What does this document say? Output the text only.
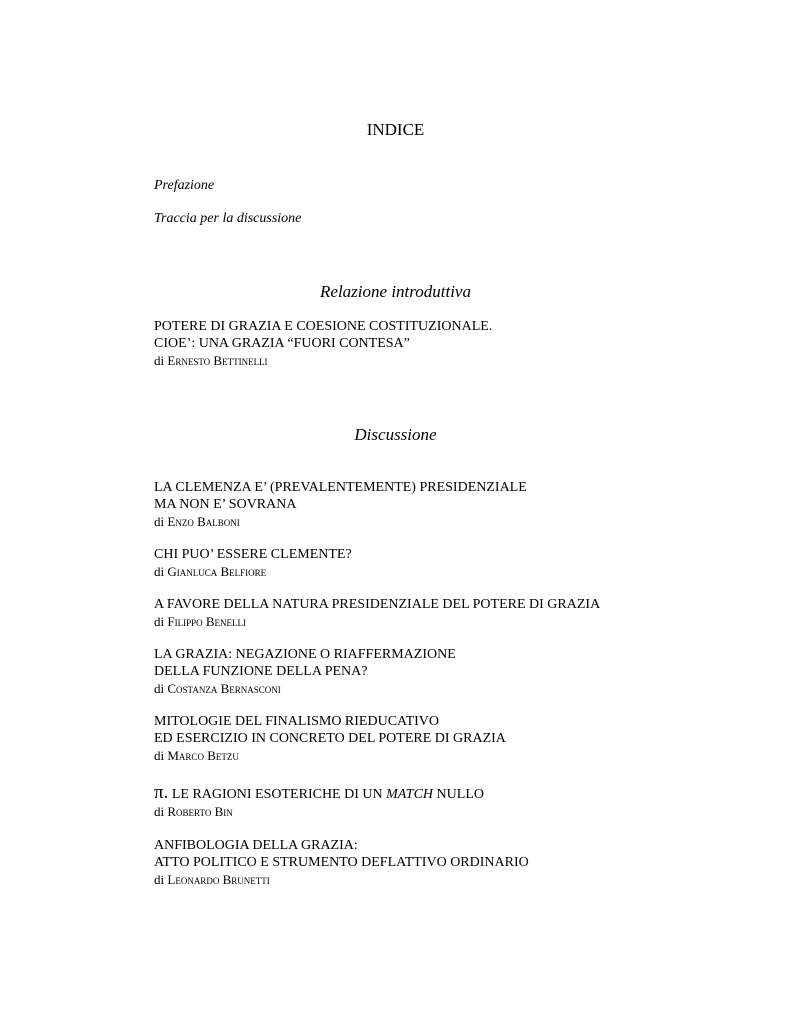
INDICE
Prefazione
Traccia per la discussione
Relazione introduttiva
POTERE DI GRAZIA E COESIONE COSTITUZIONALE.
CIOE’: UNA GRAZIA “FUORI CONTESA”
di Ernesto Bettinelli
Discussione
LA CLEMENZA E’ (PREVALENTEMENTE) PRESIDENZIALE
MA NON E’ SOVRANA
di Enzo Balboni
CHI PUO’ ESSERE CLEMENTE?
di Gianluca Belfiore
A FAVORE DELLA NATURA PRESIDENZIALE DEL POTERE DI GRAZIA
di Filippo Benelli
LA GRAZIA: NEGAZIONE O RIAFFERMAZIONE
DELLA FUNZIONE DELLA PENA?
di Costanza Bernasconi
MITOLOGIE DEL FINALISMO RIEDUCATIVO
ED ESERCIZIO IN CONCRETO DEL POTERE DI GRAZIA
di Marco Betzu
π. LE RAGIONI ESOTERICHE DI UN MATCH NULLO
di Roberto Bin
ANFIBOLOGIA DELLA GRAZIA:
ATTO POLITICO E STRUMENTO DEFLATTIVO ORDINARIO
di Leonardo Brunetti
